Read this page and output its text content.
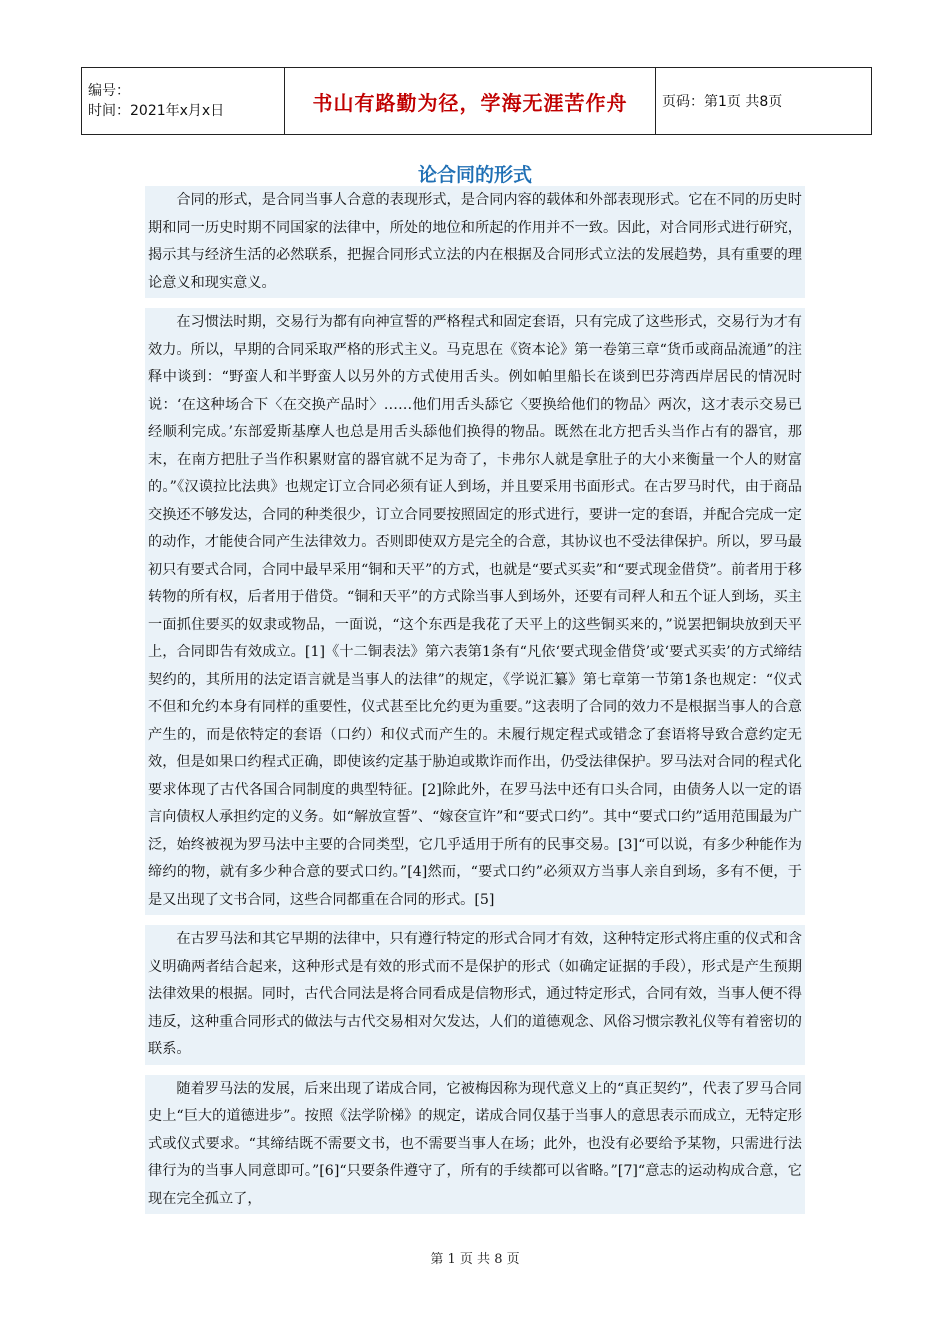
编号：
时间：2021年x月x日	书山有路勤为径，学海无涯苦作舟	页码：第1页 共8页
论合同的形式

合同的形式，是合同当事人合意的表现形式，是合同内容的载体和外部表现形式。它在不同的历史时期和同一历史时期不同国家的法律中，所处的地位和所起的作用并不一致。因此，对合同形式进行研究，揭示其与经济生活的必然联系，把握合同形式立法的内在根据及合同形式立法的发展趋势，具有重要的理论意义和现实意义。

在习惯法时期，交易行为都有向神宣誓的严格程式和固定套语，只有完成了这些形式，交易行为才有效力。所以，早期的合同采取严格的形式主义。马克思在《资本论》第一卷第三章“货币或商品流通”的注释中谈到：“野蛮人和半野蛮人以另外的方式使用舌头。例如帕里船长在谈到巴芬湾西岸居民的情况时说：‘在这种场合下〈在交换产品时〉……他们用舌头舔它〈要换给他们的物品〉两次，这才表示交易已经顺利完成。’东部爱斯基摩人也总是用舌头舔他们换得的物品。既然在北方把舌头当作占有的器官，那末，在南方把肚子当作积累财富的器官就不足为奇了，卡弗尔人就是拿肚子的大小来衡量一个人的财富的。”《汉谟拉比法典》也规定订立合同必须有证人到场，并且要采用书面形式。在古罗马时代，由于商品交换还不够发达，合同的种类很少，订立合同要按照固定的形式进行，要讲一定的套语，并配合完成一定的动作，才能使合同产生法律效力。否则即使双方是完全的合意，其协议也不受法律保护。所以，罗马最初只有要式合同，合同中最早采用“铜和天平”的方式，也就是“要式买卖”和“要式现金借贷”。前者用于移转物的所有权，后者用于借贷。“铜和天平”的方式除当事人到场外，还要有司秤人和五个证人到场，买主一面抓住要买的奴隶或物品，一面说，“这个东西是我花了天平上的这些铜买来的，”说罢把铜块放到天平上，合同即告有效成立。[1]《十二铜表法》第六表第1条有“凡依‘要式现金借贷’或‘要式买卖’的方式缔结契约的，其所用的法定语言就是当事人的法律”的规定，《学说汇纂》第七章第一节第1条也规定：“仪式不但和允约本身有同样的重要性，仪式甚至比允约更为重要。”这表明了合同的效力不是根据当事人的合意产生的，而是依特定的套语（口约）和仪式而产生的。未履行规定程式或错念了套语将导致合意约定无效，但是如果口约程式正确，即使该约定基于胁迫或欺诈而作出，仍受法律保护。罗马法对合同的程式化要求体现了古代各国合同制度的典型特征。[2]除此外，在罗马法中还有口头合同，由债务人以一定的语言向债权人承担约定的义务。如“解放宣誓”、“嫁奁宣许”和“要式口约”。其中“要式口约”适用范围最为广泛，始终被视为罗马法中主要的合同类型，它几乎适用于所有的民事交易。[3]“可以说，有多少种能作为缔约的物，就有多少种合意的要式口约。”[4]然而，“要式口约”必须双方当事人亲自到场，多有不便，于是又出现了文书合同，这些合同都重在合同的形式。[5]

在古罗马法和其它早期的法律中，只有遵行特定的形式合同才有效，这种特定形式将庄重的仪式和含义明确两者结合起来，这种形式是有效的形式而不是保护的形式（如确定证据的手段），形式是产生预期法律效果的根据。同时，古代合同法是将合同看成是信物形式，通过特定形式，合同有效，当事人便不得违反，这种重合同形式的做法与古代交易相对欠发达，人们的道德观念、风俗习惯宗教礼仪等有着密切的联系。

随着罗马法的发展，后来出现了诺成合同，它被梅因称为现代意义上的“真正契约”，代表了罗马合同史上“巨大的道德进步”。按照《法学阶梯》的规定，诺成合同仅基于当事人的意思表示而成立，无特定形式或仪式要求。“其缔结既不需要文书，也不需要当事人在场；此外，也没有必要给予某物，只需进行法律行为的当事人同意即可。”[6]“只要条件遵守了，所有的手续都可以省略。”[7]“意志的运动构成合意，它现在完全孤立了，

第 1 页 共 8 页
